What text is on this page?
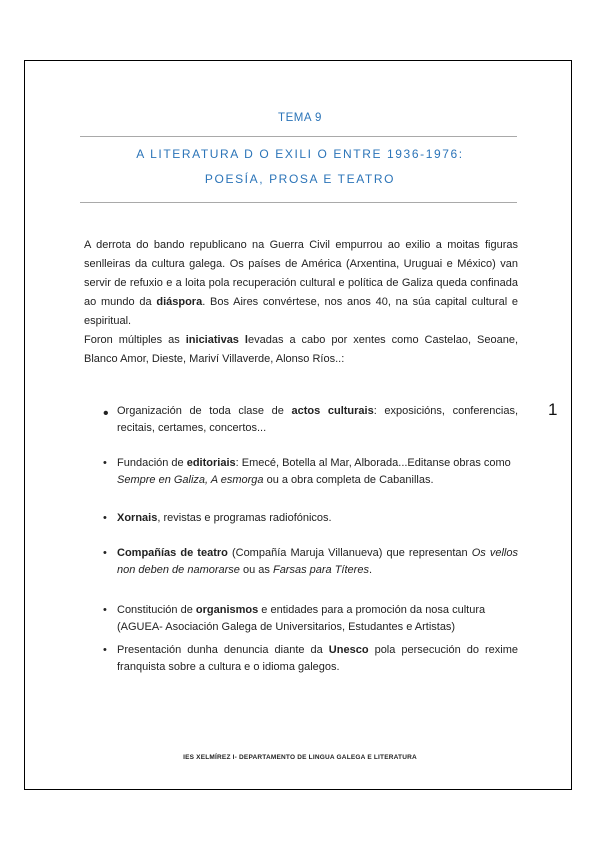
TEMA 9
A LITERATURA D O EXILI O ENTRE 1936-1976:
POESÍA, PROSA E TEATRO

A derrota do bando republicano na Guerra Civil empurrou ao exilio a moitas figuras senlleiras da cultura galega. Os países de América (Arxentina, Uruguai e México) van servir de refuxio e a loita pola recuperación cultural e política de Galiza queda confinada ao mundo da diáspora. Bos Aires convértese, nos anos 40, na súa capital cultural e espiritual.

Foron múltiples as iniciativas levadas a cabo por xentes como Castelao, Seoane, Blanco Amor, Dieste, Mariví Villaverde, Alonso Ríos..:

1
• Organización de toda clase de actos culturais: exposicións, conferencias, recitais, certames, concertos...
• Fundación de editoriais: Emecé, Botella al Mar, Alborada...Editanse obras como Sempre en Galiza, A esmorga ou a obra completa de Cabanillas.
• Xornais, revistas e programas radiofónicos.
• Compañías de teatro (Compañía Maruja Villanueva) que representan Os vellos non deben de namorarse ou as Farsas para Títeres.
• Constitución de organismos e entidades para a promoción da nosa cultura (AGUEA- Asociación Galega de Universitarios, Estudantes e Artistas)
• Presentación dunha denuncia diante da Unesco pola persecución do rexime franquista sobre a cultura e o idioma galegos.
IES XELMÍREZ I- DEPARTAMENTO DE LINGUA GALEGA E LITERATURA
